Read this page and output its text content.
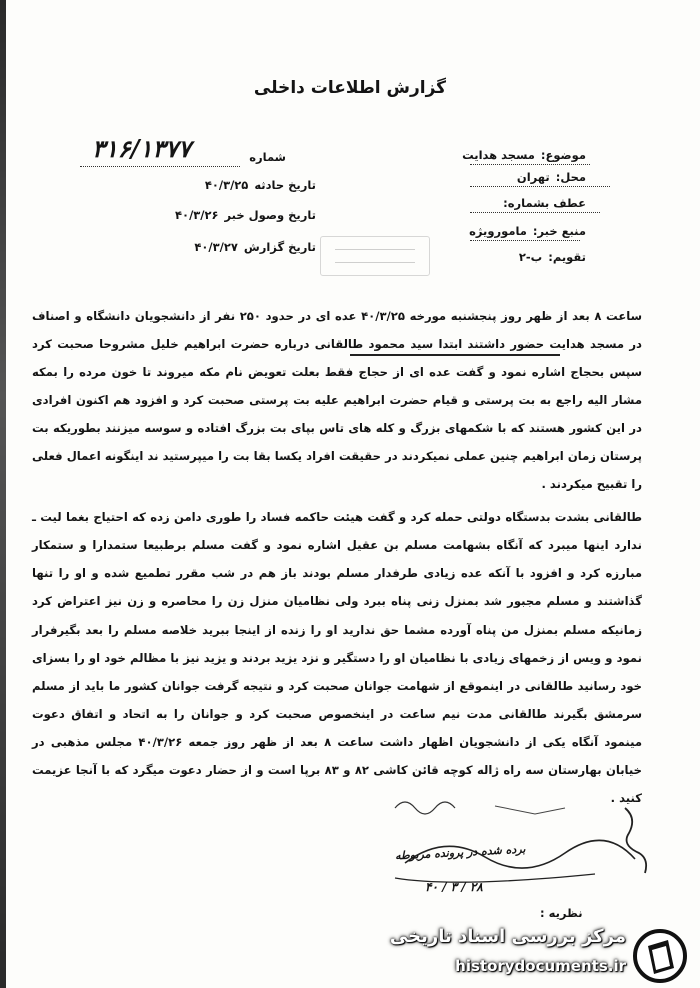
گزارش اطلاعات داخلی
موضوع:مسجد هدایت
محل:تهران
عطف بشماره:
منبع خبر:مامورویژه
تقویم:ب-۲
شماره
۳۱۶/۱۳۷۷
تاریخ حادثه۴۰/۳/۲۵
تاریخ وصول خبر۴۰/۳/۲۶
تاریخ گزارش۴۰/۳/۲۷

ساعت ۸ بعد از ظهر روز پنجشنبه مورخه ۴۰/۳/۲۵ عده ای در حدود ۲۵۰ نفر از دانشجویان دانشگاه و اصناف در مسجد هدایت حضور داشتند ابتدا سید محمود طالقانی درباره حضرت ابراهیم خلیل مشروحا صحبت کرد سپس بحجاج اشاره نمود و گفت عده ای از حجاج فقط بعلت تعویض نام مکه میروند تا خون مرده را بمکه مشار الیه راجع به بت پرستی و قیام حضرت ابراهیم علیه بت پرستی صحبت کرد و افزود هم اکنون افرادی در این کشور هستند که با شکمهای بزرگ و کله های تاس بپای بت بزرگ افتاده و سوسه میزنند بطوریکه بت پرستان زمان ابراهیم چنین عملی نمیکردند در حقیقت افراد یکسا بقا بت را میپرستید ند اینگونه اعمال فعلی را تقبیح میکردند .

طالقانی بشدت بدستگاه دولتی حمله کرد و گفت هیئت حاکمه فساد را طوری دامن زده که احتیاج بغما لیت ـ ندارد اینها میبرد که آنگاه بشهامت مسلم بن عقیل اشاره نمود و گفت مسلم برطبیعا ستمدارا و ستمکار مبارزه کرد و افزود با آنکه عده زیادی طرفدار مسلم بودند باز هم در شب مقرر تطمیع شده و او را تنها گذاشتند و مسلم مجبور شد بمنزل زنی پناه ببرد ولی نظامیان منزل زن را محاصره و زن نیز اعتراض کرد زمانیکه مسلم بمنزل من پناه آورده مشما حق ندارید او را زنده از اینجا ببرید خلاصه مسلم را بعد بگیرفرار نمود و ویس از زخمهای زیادی با نظامیان او را دستگیر و نزد یزید بردند و یزید نیز با مظالم خود او را بسزای خود رسانید طالقانی در اینموقع از شهامت جوانان صحبت کرد و نتیجه گرفت جوانان کشور ما باید از مسلم سرمشق بگیرند طالقانی مدت نیم ساعت در اینخصوص صحبت کرد و جوانان را به اتحاد و اتفاق دعوت مینمود آنگاه یکی از دانشجویان اظهار داشت ساعت ۸ بعد از ظهر روز جمعه ۴۰/۳/۲۶ مجلس مذهبی در خیابان بهارستان سه راه ژاله کوچه قائن کاشی ۸۲ و ۸۳ برپا است و از حضار دعوت میگرد که با آنجا عزیمت کنید .

برده شده در پرونده مربوطه
۲۸ / ۳ / ۴۰
نظریه :
مرکز بررسی اسناد تاریخی
historydocuments.ir
